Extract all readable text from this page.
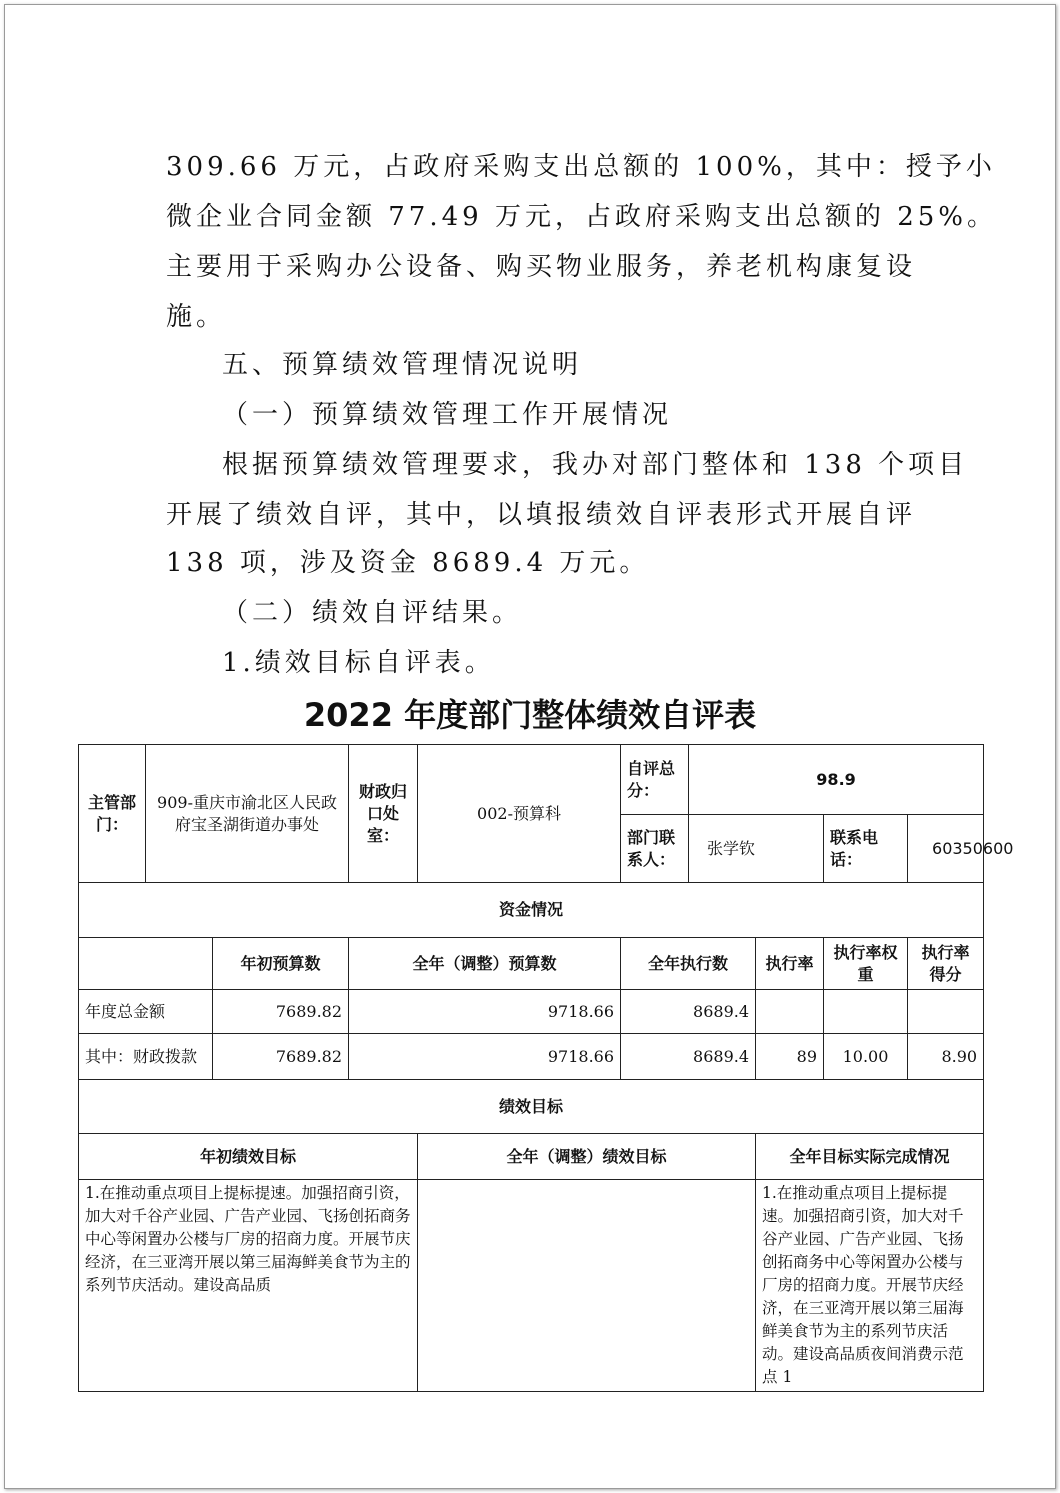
309.66 万元，占政府采购支出总额的 100%，其中：授予小
微企业合同金额 77.49 万元，占政府采购支出总额的 25%。
主要用于采购办公设备、购买物业服务，养老机构康复设
施。
五、预算绩效管理情况说明
（一）预算绩效管理工作开展情况
根据预算绩效管理要求，我办对部门整体和 138 个项目
开展了绩效自评，其中，以填报绩效自评表形式开展自评
138 项，涉及资金 8689.4 万元。
（二）绩效自评结果。
1.绩效目标自评表。
2022 年度部门整体绩效自评表
主管部门：	909-重庆市渝北区人民政府宝圣湖街道办事处		财政归口处室：	002-预算科	自评总分：	98.9			
					部门联系人：	张学钦		联系电话：	60350600
资金情况									
		年初预算数	全年（调整）预算数		全年执行数		执行率	执行率权重	执行率得分
年度总金额		7689.82	9718.66		8689.4				
其中：财政拨款		7689.82	9718.66		8689.4		89	10.00	8.90
绩效目标									
年初绩效目标				全年（调整）绩效目标			全年目标实际完成情况		
1.在推动重点项目上提标提速。加强招商引资，加大对千谷产业园、广告产业园、飞扬创拓商务中心等闲置办公楼与厂房的招商力度。开展节庆经济，在三亚湾开展以第三届海鲜美食节为主的系列节庆活动。建设高品质							1.在推动重点项目上提标提速。加强招商引资，加大对千谷产业园、广告产业园、飞扬创拓商务中心等闲置办公楼与厂房的招商力度。开展节庆经济，在三亚湾开展以第三届海鲜美食节为主的系列节庆活动。建设高品质夜间消费示范点 1		
